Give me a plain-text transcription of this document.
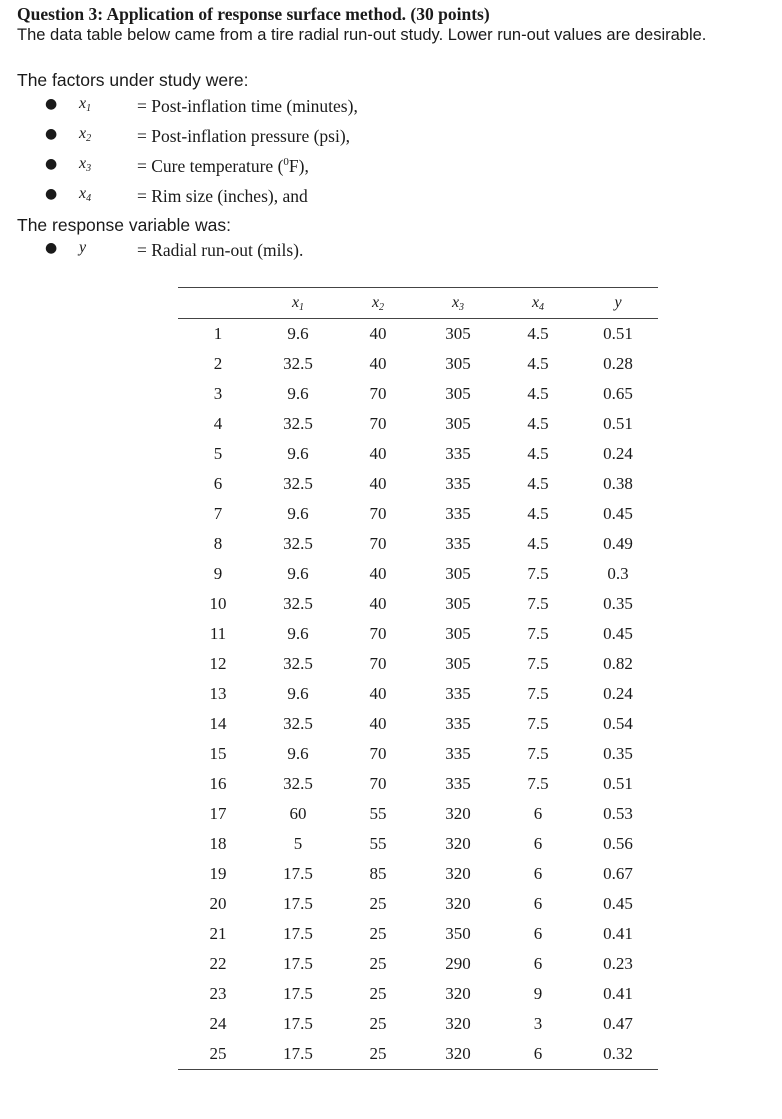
Question 3: Application of response surface method. (30 points)
The data table below came from a tire radial run-out study. Lower run-out values are desirable.
The factors under study were:
● $x_1$	= Post-inflation time (minutes),
● $x_2$	= Post-inflation pressure (psi),
● $x_3$	= Cure temperature ($^0$F),
● $x_4$	= Rim size (inches), and
The response variable was:
● y	= Radial run-out (mils).
	$x_1$	$x_2$	$x_3$	$x_4$	y
1	9.6	40	305	4.5	0.51
2	32.5	40	305	4.5	0.28
3	9.6	70	305	4.5	0.65
4	32.5	70	305	4.5	0.51
5	9.6	40	335	4.5	0.24
6	32.5	40	335	4.5	0.38
7	9.6	70	335	4.5	0.45
8	32.5	70	335	4.5	0.49
9	9.6	40	305	7.5	0.3
10	32.5	40	305	7.5	0.35
11	9.6	70	305	7.5	0.45
12	32.5	70	305	7.5	0.82
13	9.6	40	335	7.5	0.24
14	32.5	40	335	7.5	0.54
15	9.6	70	335	7.5	0.35
16	32.5	70	335	7.5	0.51
17	60	55	320	6	0.53
18	5	55	320	6	0.56
19	17.5	85	320	6	0.67
20	17.5	25	320	6	0.45
21	17.5	25	350	6	0.41
22	17.5	25	290	6	0.23
23	17.5	25	320	9	0.41
24	17.5	25	320	3	0.47
25	17.5	25	320	6	0.32
